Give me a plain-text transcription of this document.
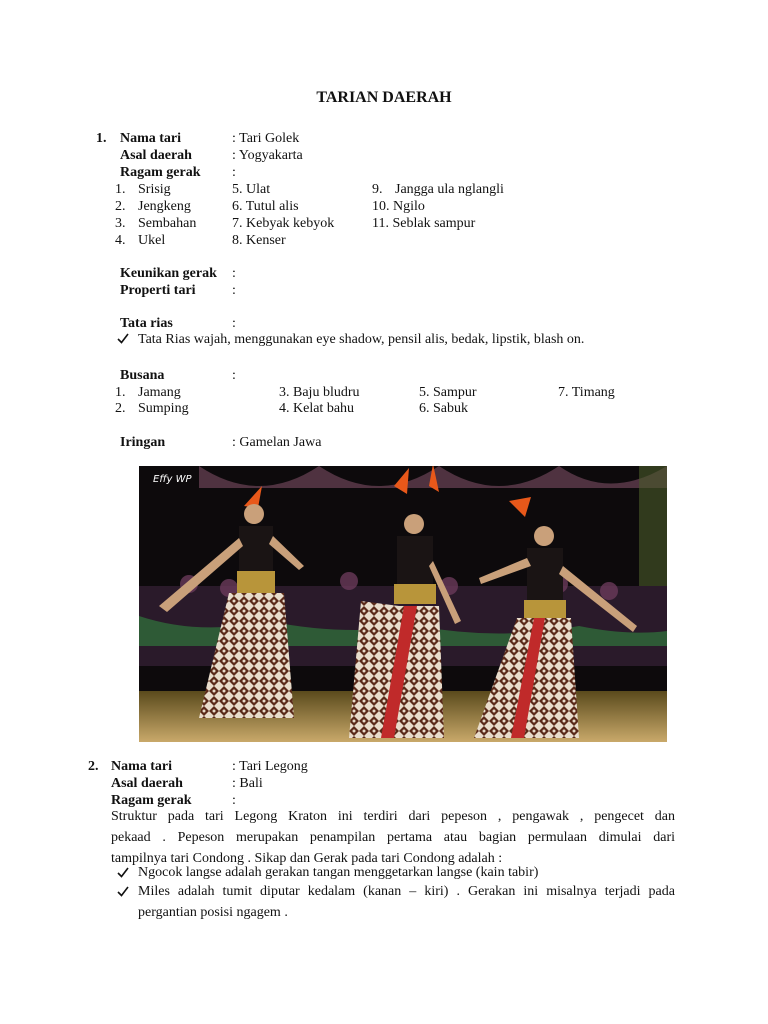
TARIAN DAERAH
1. Nama tari	: Tari Golek
Asal daerah	: Yogyakarta
Ragam gerak :
1. Srisig	5. Ulat	9. Jangga ula nglangli
2. Jengkeng	6. Tutul alis	10. Ngilo
3. Sembahan	7. Kebyak kebyok	11. Seblak sampur
4. Ukel	8. Kenser
Keunikan gerak :
Properti tari	:
Tata rias	:
Tata Rias wajah, menggunakan eye shadow, pensil alis, bedak, lipstik, blash on.
Busana	:
1. Jamang	3. Baju bludru	5. Sampur	7. Timang
2. Sumping	4. Kelat bahu	6. Sabuk
Iringan	: Gamelan Jawa
Effy WP
2. Nama tari	: Tari Legong
Asal daerah	: Bali
Ragam gerak	:
Struktur pada tari Legong Kraton ini terdiri dari pepeson , pengawak , pengecet dan
pekaad . Pepeson merupakan penampilan pertama atau bagian permulaan dimulai dari
tampilnya tari Condong . Sikap dan Gerak pada tari Condong adalah :
Ngocok langse adalah gerakan tangan menggetarkan langse (kain tabir)
Miles adalah tumit diputar kedalam (kanan – kiri) . Gerakan ini misalnya terjadi pada
pergantian posisi ngagem .
